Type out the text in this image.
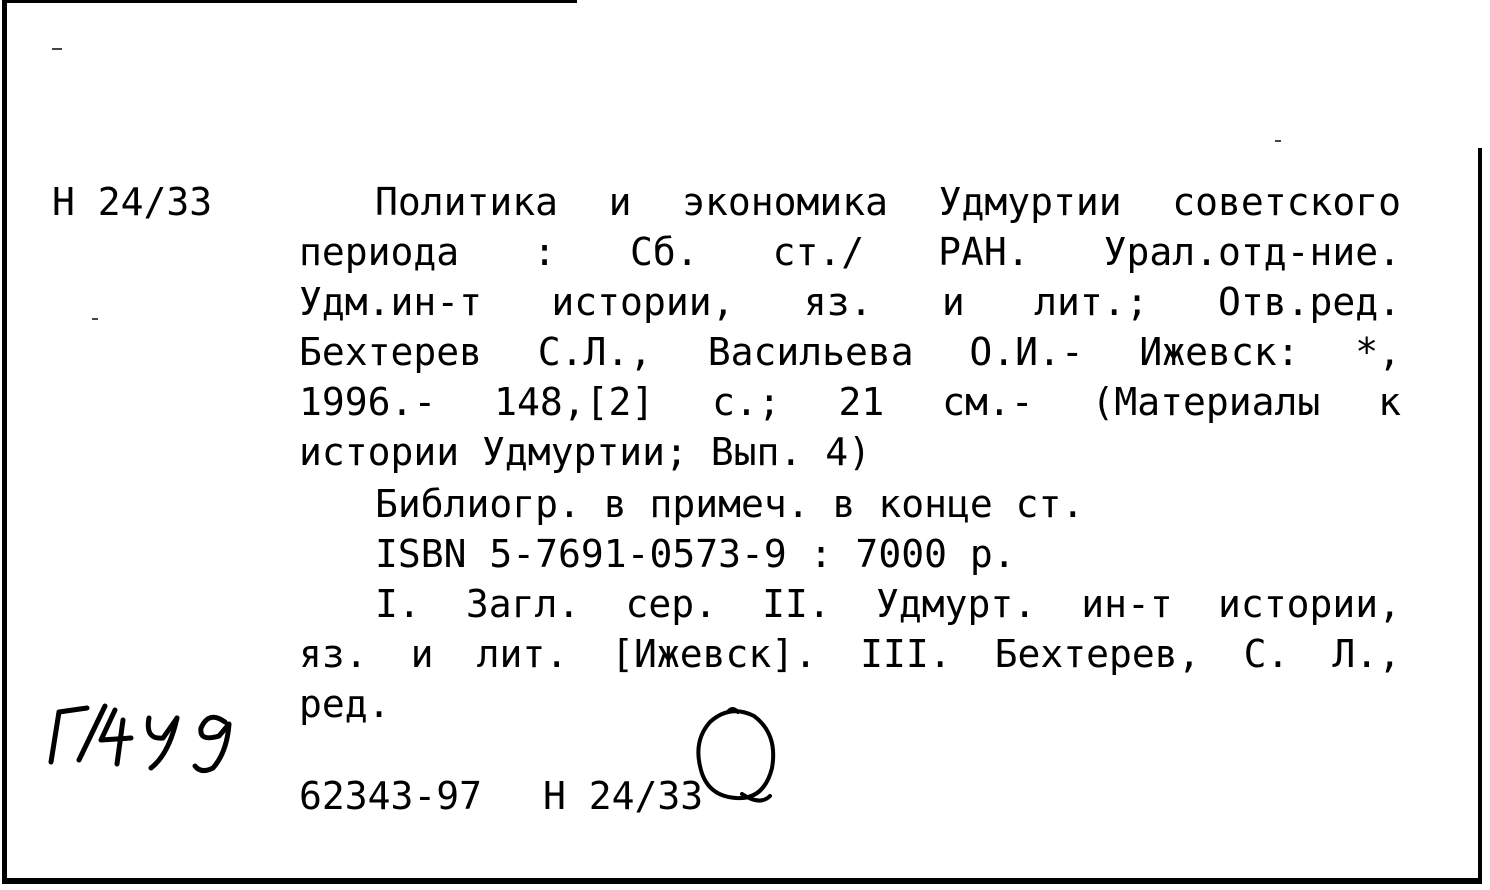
Н 24/33	Политика и экономика Удмуртии советского
периода : Сб. ст./ РАН. Урал.отд-ние.
Удм.ин-т истории, яз. и лит.; Отв.ред.
Бехтерев С.Л., Васильева О.И.- Ижевск: *,
1996.- 148,[2] с.; 21 см.- (Материалы к
истории Удмуртии; Вып. 4)
Библиогр. в примеч. в конце ст.
ISBN 5-7691-0573-9 : 7000 р.
I. Загл. сер. II. Удмурт. ин-т истории,
яз. и лит. [Ижевск]. III. Бехтерев, С. Л.,
ред.
62343-97 Н 24/33
